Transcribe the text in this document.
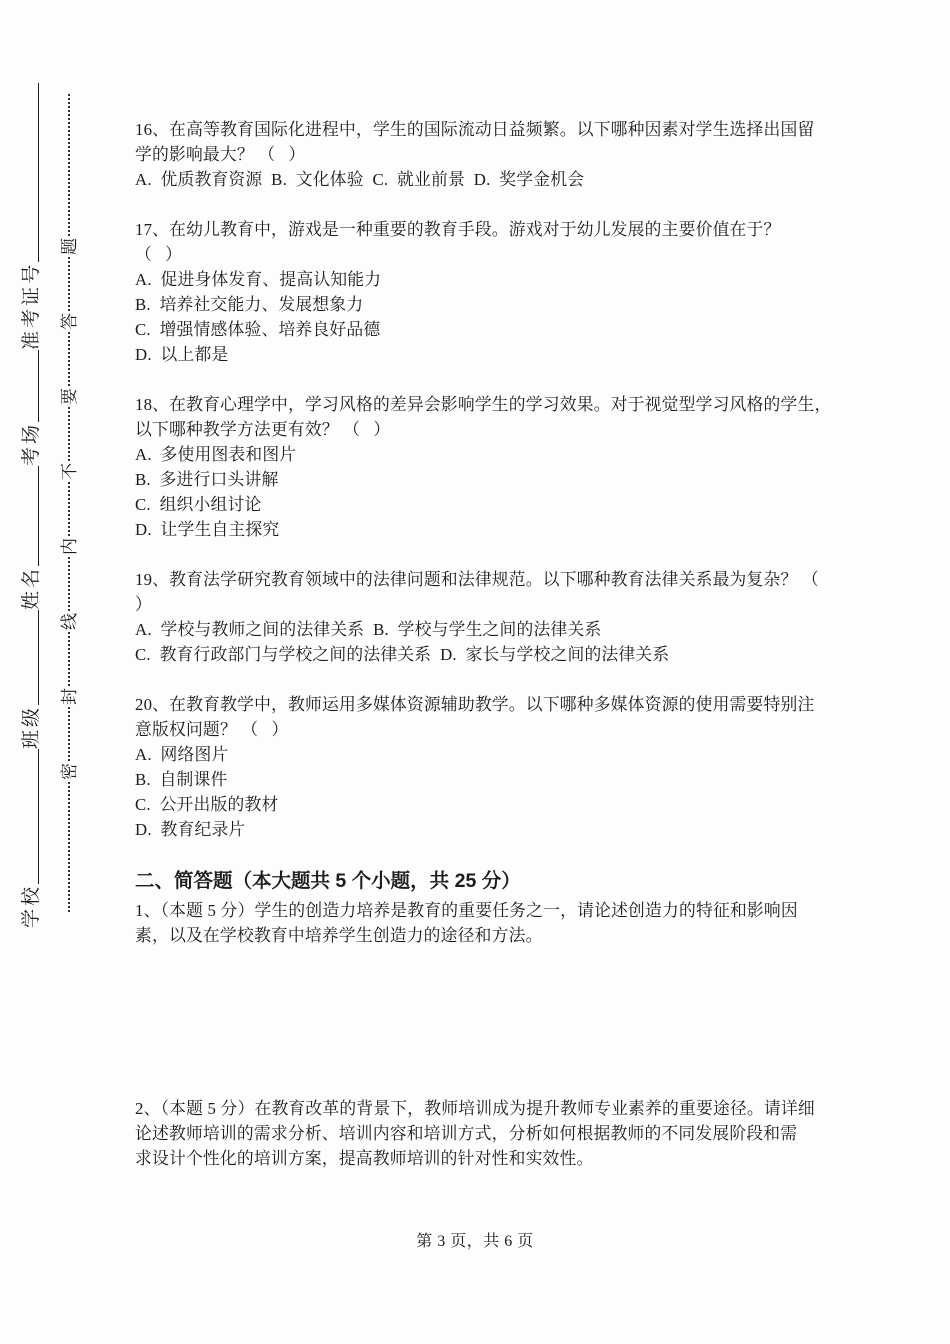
学校
班级
姓名
考场
准考证号
密
封
线
内
不
要
答
题
16、在高等教育国际化进程中，学生的国际流动日益频繁。以下哪种因素对学生选择出国留
学的影响最大？ （   ）
A.  优质教育资源  B.  文化体验  C.  就业前景  D.  奖学金机会
17、在幼儿教育中，游戏是一种重要的教育手段。游戏对于幼儿发展的主要价值在于？
（   ）
A.  促进身体发育、提高认知能力
B.  培养社交能力、发展想象力
C.  增强情感体验、培养良好品德
D.  以上都是
18、在教育心理学中，学习风格的差异会影响学生的学习效果。对于视觉型学习风格的学生，
以下哪种教学方法更有效？ （   ）
A.  多使用图表和图片
B.  多进行口头讲解
C.  组织小组讨论
D.  让学生自主探究
19、教育法学研究教育领域中的法律问题和法律规范。以下哪种教育法律关系最为复杂？ （
）
A.  学校与教师之间的法律关系  B.  学校与学生之间的法律关系
C.  教育行政部门与学校之间的法律关系  D.  家长与学校之间的法律关系
20、在教育教学中，教师运用多媒体资源辅助教学。以下哪种多媒体资源的使用需要特别注
意版权问题？ （   ）
A.  网络图片
B.  自制课件
C.  公开出版的教材
D.  教育纪录片
二、简答题（本大题共 5 个小题，共 25 分）
1、（本题 5 分）学生的创造力培养是教育的重要任务之一，请论述创造力的特征和影响因
素，以及在学校教育中培养学生创造力的途径和方法。
2、（本题 5 分）在教育改革的背景下，教师培训成为提升教师专业素养的重要途径。请详细
论述教师培训的需求分析、培训内容和培训方式，分析如何根据教师的不同发展阶段和需
求设计个性化的培训方案，提高教师培训的针对性和实效性。
第 3 页，共 6 页
